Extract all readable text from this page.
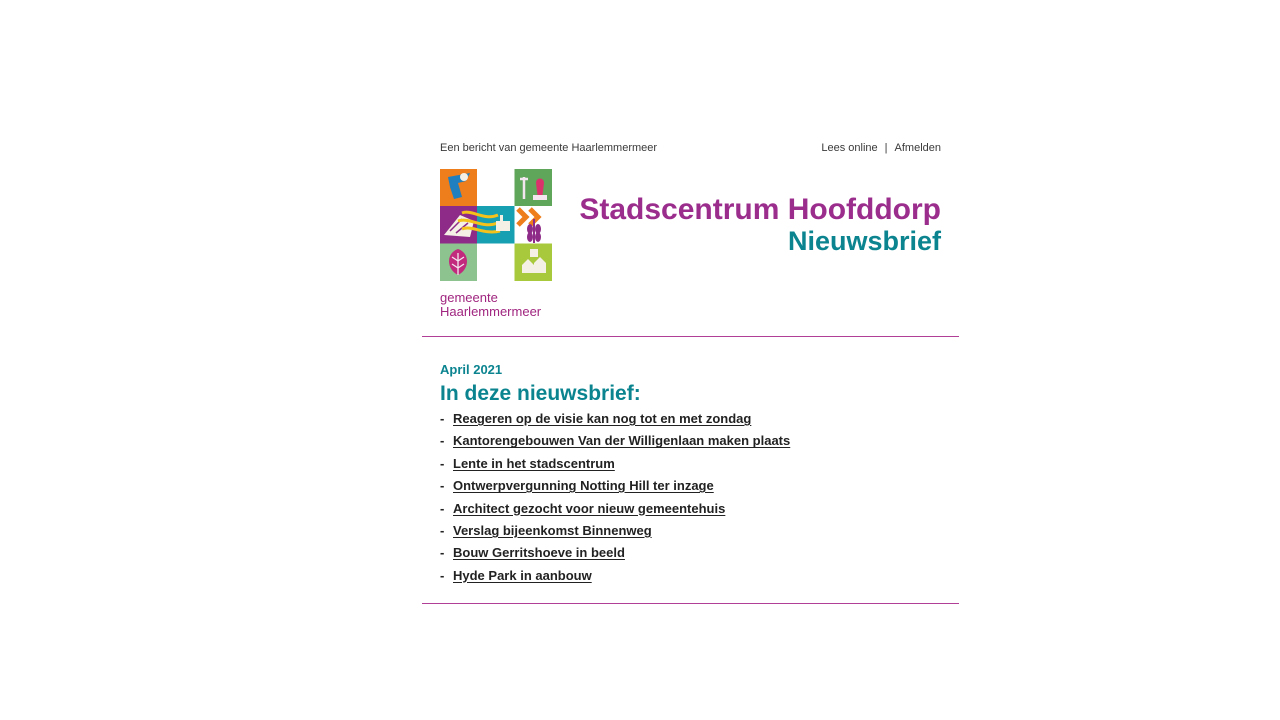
Een bericht van gemeente Haarlemmermeer	Lees online | Afmelden
gemeente
Haarlemmermeer
Stadscentrum Hoofddorp
Nieuwsbrief
April 2021
In deze nieuwsbrief:
- Reageren op de visie kan nog tot en met zondag
- Kantorengebouwen Van der Willigenlaan maken plaats
- Lente in het stadscentrum
- Ontwerpvergunning Notting Hill ter inzage
- Architect gezocht voor nieuw gemeentehuis
- Verslag bijeenkomst Binnenweg
- Bouw Gerritshoeve in beeld
- Hyde Park in aanbouw
